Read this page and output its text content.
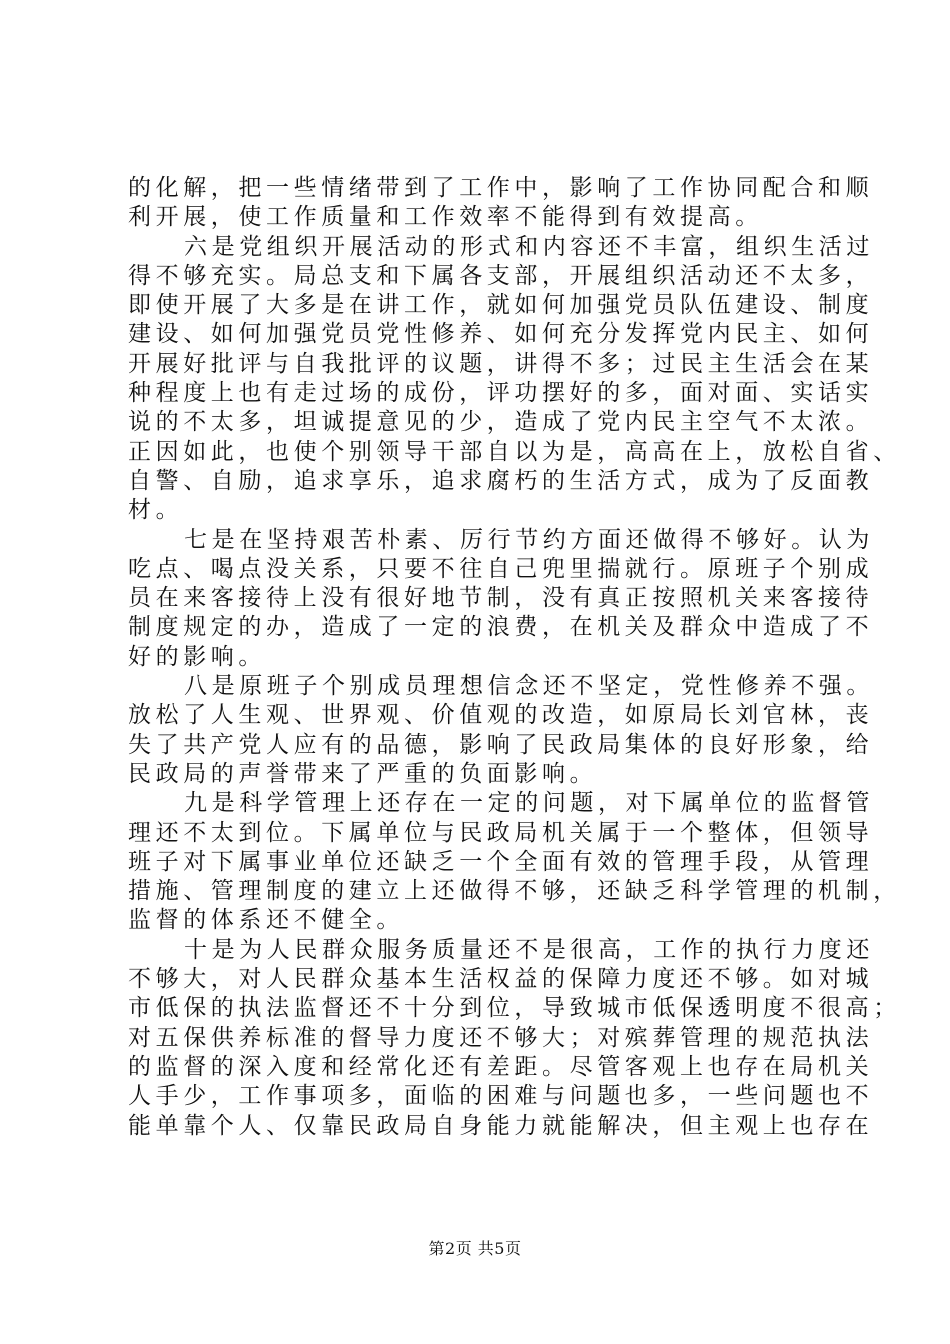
的化解，把一些情绪带到了工作中，影响了工作协同配合和顺
利开展，使工作质量和工作效率不能得到有效提高。
六是党组织开展活动的形式和内容还不丰富，组织生活过
得不够充实。局总支和下属各支部，开展组织活动还不太多，
即使开展了大多是在讲工作，就如何加强党员队伍建设、制度
建设、如何加强党员党性修养、如何充分发挥党内民主、如何
开展好批评与自我批评的议题，讲得不多；过民主生活会在某
种程度上也有走过场的成份，评功摆好的多，面对面、实话实
说的不太多，坦诚提意见的少，造成了党内民主空气不太浓。
正因如此，也使个别领导干部自以为是，高高在上，放松自省、
自警、自励，追求享乐，追求腐朽的生活方式，成为了反面教
材。
七是在坚持艰苦朴素、厉行节约方面还做得不够好。认为
吃点、喝点没关系，只要不往自己兜里揣就行。原班子个别成
员在来客接待上没有很好地节制，没有真正按照机关来客接待
制度规定的办，造成了一定的浪费，在机关及群众中造成了不
好的影响。
八是原班子个别成员理想信念还不坚定，党性修养不强。
放松了人生观、世界观、价值观的改造，如原局长刘官林，丧
失了共产党人应有的品德，影响了民政局集体的良好形象，给
民政局的声誉带来了严重的负面影响。
九是科学管理上还存在一定的问题，对下属单位的监督管
理还不太到位。下属单位与民政局机关属于一个整体，但领导
班子对下属事业单位还缺乏一个全面有效的管理手段，从管理
措施、管理制度的建立上还做得不够，还缺乏科学管理的机制，
监督的体系还不健全。
十是为人民群众服务质量还不是很高，工作的执行力度还
不够大，对人民群众基本生活权益的保障力度还不够。如对城
市低保的执法监督还不十分到位，导致城市低保透明度不很高；
对五保供养标准的督导力度还不够大；对殡葬管理的规范执法
的监督的深入度和经常化还有差距。尽管客观上也存在局机关
人手少，工作事项多，面临的困难与问题也多，一些问题也不
能单靠个人、仅靠民政局自身能力就能解决，但主观上也存在
第2页 共5页
